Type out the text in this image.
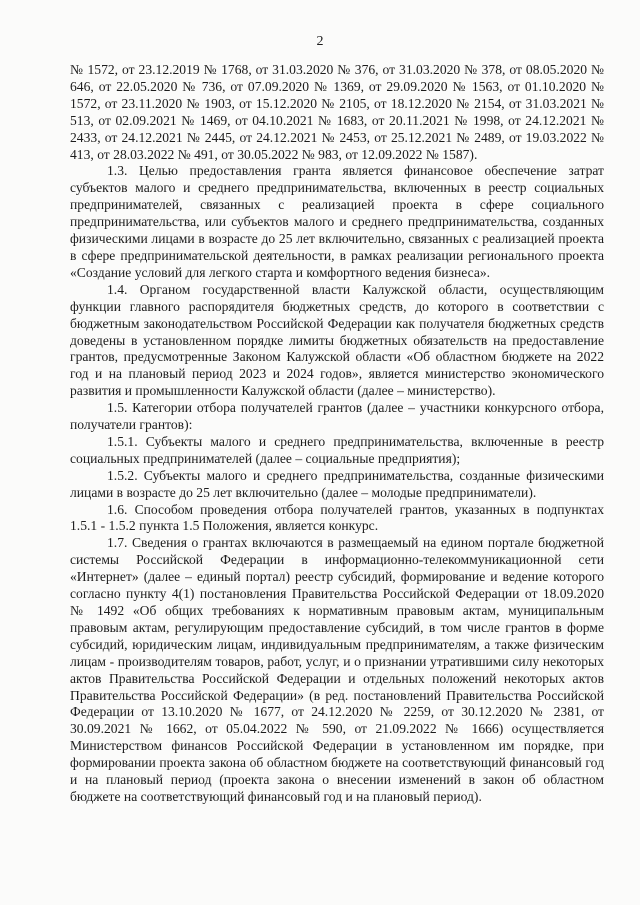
2

№ 1572, от 23.12.2019 № 1768, от 31.03.2020 № 376, от 31.03.2020 № 378, от 08.05.2020 № 646, от 22.05.2020 № 736, от 07.09.2020 № 1369, от 29.09.2020 № 1563, от 01.10.2020 № 1572, от 23.11.2020 № 1903, от 15.12.2020 № 2105, от 18.12.2020 № 2154, от 31.03.2021 № 513, от 02.09.2021 № 1469, от 04.10.2021 № 1683, от 20.11.2021 № 1998, от 24.12.2021 № 2433, от 24.12.2021 № 2445, от 24.12.2021 № 2453, от 25.12.2021 № 2489, от 19.03.2022 № 413, от 28.03.2022 № 491, от 30.05.2022 № 983, от 12.09.2022 № 1587).

1.3. Целью предоставления гранта является финансовое обеспечение затрат субъектов малого и среднего предпринимательства, включенных в реестр социальных предпринимателей, связанных с реализацией проекта в сфере социального предпринимательства, или субъектов малого и среднего предпринимательства, созданных физическими лицами в возрасте до 25 лет включительно, связанных с реализацией проекта в сфере предпринимательской деятельности, в рамках реализации регионального проекта «Создание условий для легкого старта и комфортного ведения бизнеса».

1.4. Органом государственной власти Калужской области, осуществляющим функции главного распорядителя бюджетных средств, до которого в соответствии с бюджетным законодательством Российской Федерации как получателя бюджетных средств доведены в установленном порядке лимиты бюджетных обязательств на предоставление грантов, предусмотренные Законом Калужской области «Об областном бюджете на 2022 год и на плановый период 2023 и 2024 годов», является министерство экономического развития и промышленности Калужской области (далее – министерство).

1.5. Категории отбора получателей грантов (далее – участники конкурсного отбора, получатели грантов):

1.5.1. Субъекты малого и среднего предпринимательства, включенные в реестр социальных предпринимателей (далее – социальные предприятия);

1.5.2. Субъекты малого и среднего предпринимательства, созданные физическими лицами в возрасте до 25 лет включительно (далее – молодые предприниматели).

1.6. Способом проведения отбора получателей грантов, указанных в подпунктах 1.5.1 - 1.5.2 пункта 1.5 Положения, является конкурс.

1.7. Сведения о грантах включаются в размещаемый на едином портале бюджетной системы Российской Федерации в информационно-телекоммуникационной сети «Интернет» (далее – единый портал) реестр субсидий, формирование и ведение которого согласно пункту 4(1) постановления Правительства Российской Федерации от 18.09.2020 № 1492 «Об общих требованиях к нормативным правовым актам, муниципальным правовым актам, регулирующим предоставление субсидий, в том числе грантов в форме субсидий, юридическим лицам, индивидуальным предпринимателям, а также физическим лицам - производителям товаров, работ, услуг, и о признании утратившими силу некоторых актов Правительства Российской Федерации и отдельных положений некоторых актов Правительства Российской Федерации» (в ред. постановлений Правительства Российской Федерации от 13.10.2020 № 1677, от 24.12.2020 № 2259, от 30.12.2020 № 2381, от 30.09.2021 № 1662, от 05.04.2022 № 590, от 21.09.2022 № 1666) осуществляется Министерством финансов Российской Федерации в установленном им порядке, при формировании проекта закона об областном бюджете на соответствующий финансовый год и на плановый период (проекта закона о внесении изменений в закон об областном бюджете на соответствующий финансовый год и на плановый период).
